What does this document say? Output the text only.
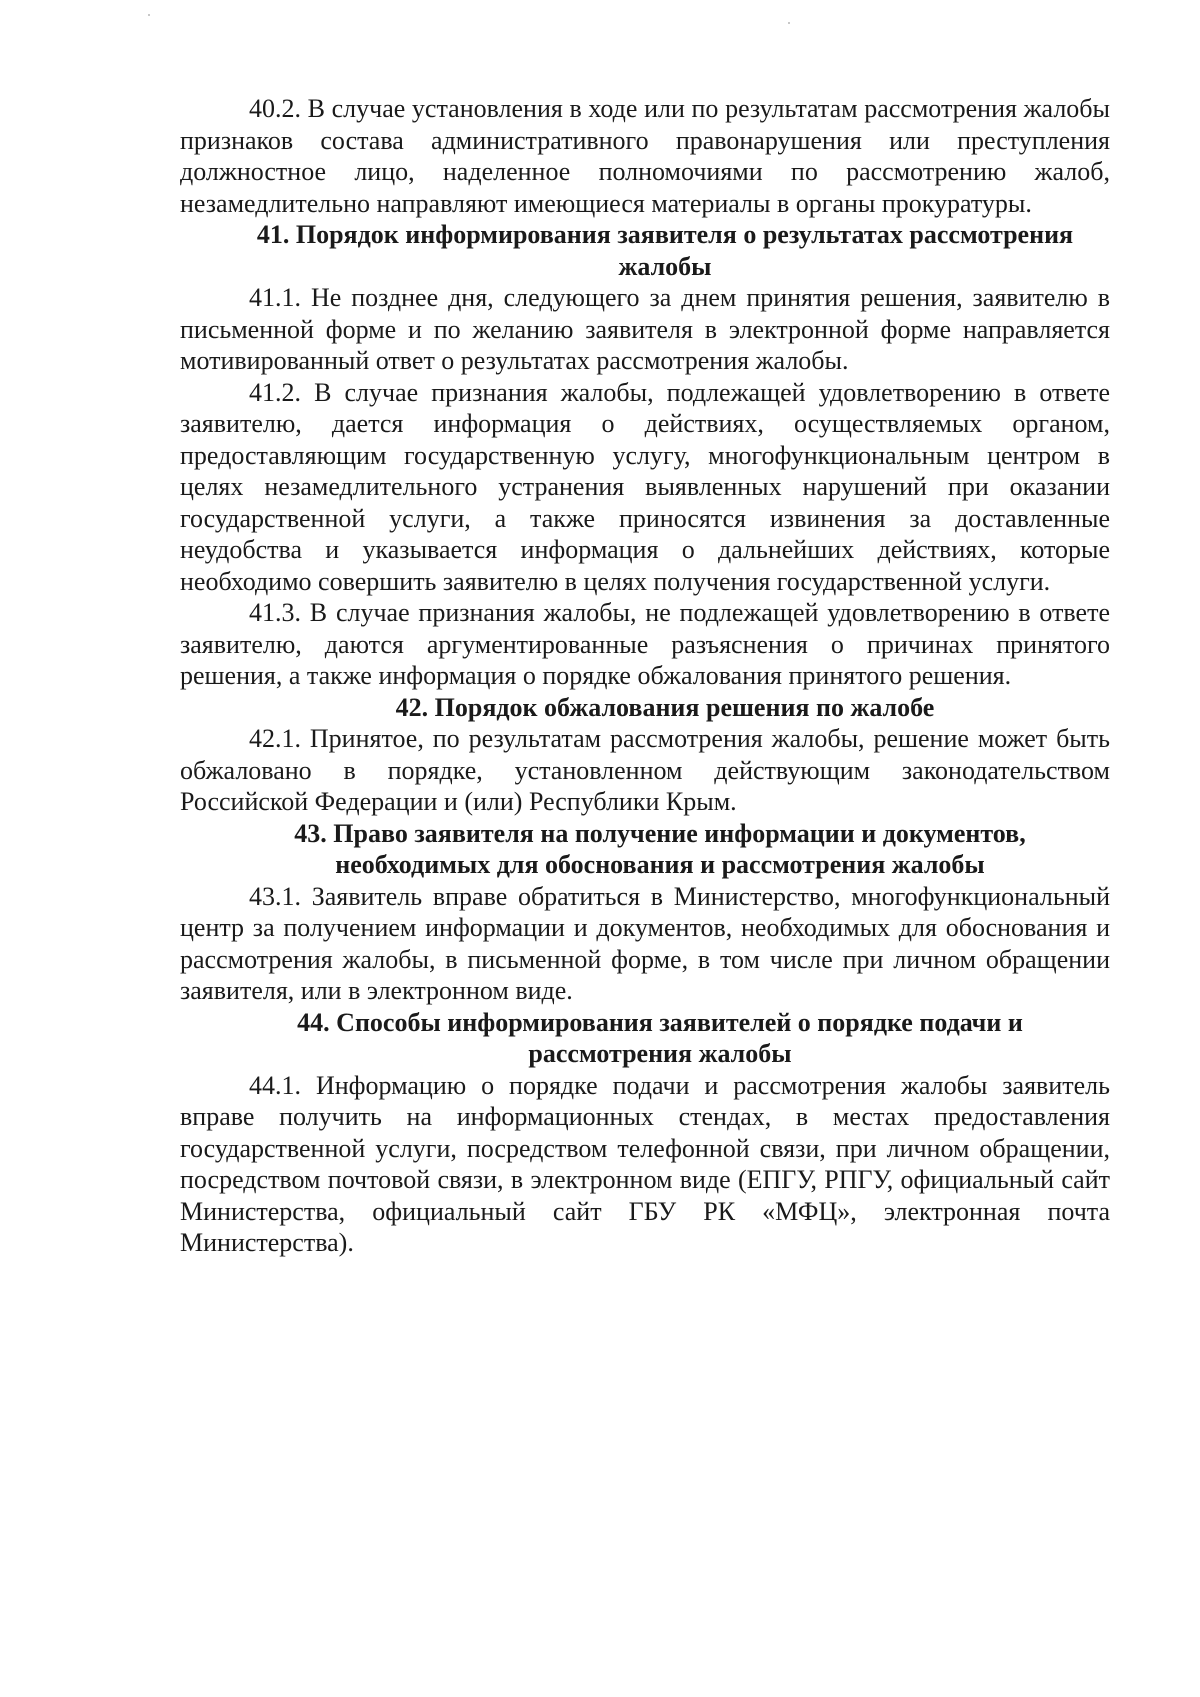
40.2. В случае установления в ходе или по результатам рассмотрения жалобы признаков состава административного правонарушения или преступления должностное лицо, наделенное полномочиями по рассмотрению жалоб, незамедлительно направляют имеющиеся материалы в органы прокуратуры.

41. Порядок информирования заявителя о результатах рассмотрения
жалобы

41.1. Не позднее дня, следующего за днем принятия решения, заявителю в письменной форме и по желанию заявителя в электронной форме направляется мотивированный ответ о результатах рассмотрения жалобы.

41.2. В случае признания жалобы, подлежащей удовлетворению в ответе заявителю, дается информация о действиях, осуществляемых органом, предоставляющим государственную услугу, многофункциональным центром в целях незамедлительного устранения выявленных нарушений при оказании государственной услуги, а также приносятся извинения за доставленные неудобства и указывается информация о дальнейших действиях, которые необходимо совершить заявителю в целях получения государственной услуги.

41.3. В случае признания жалобы, не подлежащей удовлетворению в ответе заявителю, даются аргументированные разъяснения о причинах принятого решения, а также информация о порядке обжалования принятого решения.

42. Порядок обжалования решения по жалобе

42.1. Принятое, по результатам рассмотрения жалобы, решение может быть обжаловано в порядке, установленном действующим законодательством Российской Федерации и (или) Республики Крым.

43. Право заявителя на получение информации и документов,
необходимых для обоснования и рассмотрения жалобы

43.1. Заявитель вправе обратиться в Министерство, многофункциональный центр за получением информации и документов, необходимых для обоснования и рассмотрения жалобы, в письменной форме, в том числе при личном обращении заявителя, или в электронном виде.

44. Способы информирования заявителей о порядке подачи и
рассмотрения жалобы

44.1. Информацию о порядке подачи и рассмотрения жалобы заявитель вправе получить на информационных стендах, в местах предоставления государственной услуги, посредством телефонной связи, при личном обращении, посредством почтовой связи, в электронном виде (ЕПГУ, РПГУ, официальный сайт Министерства, официальный сайт ГБУ РК «МФЦ», электронная почта Министерства).
